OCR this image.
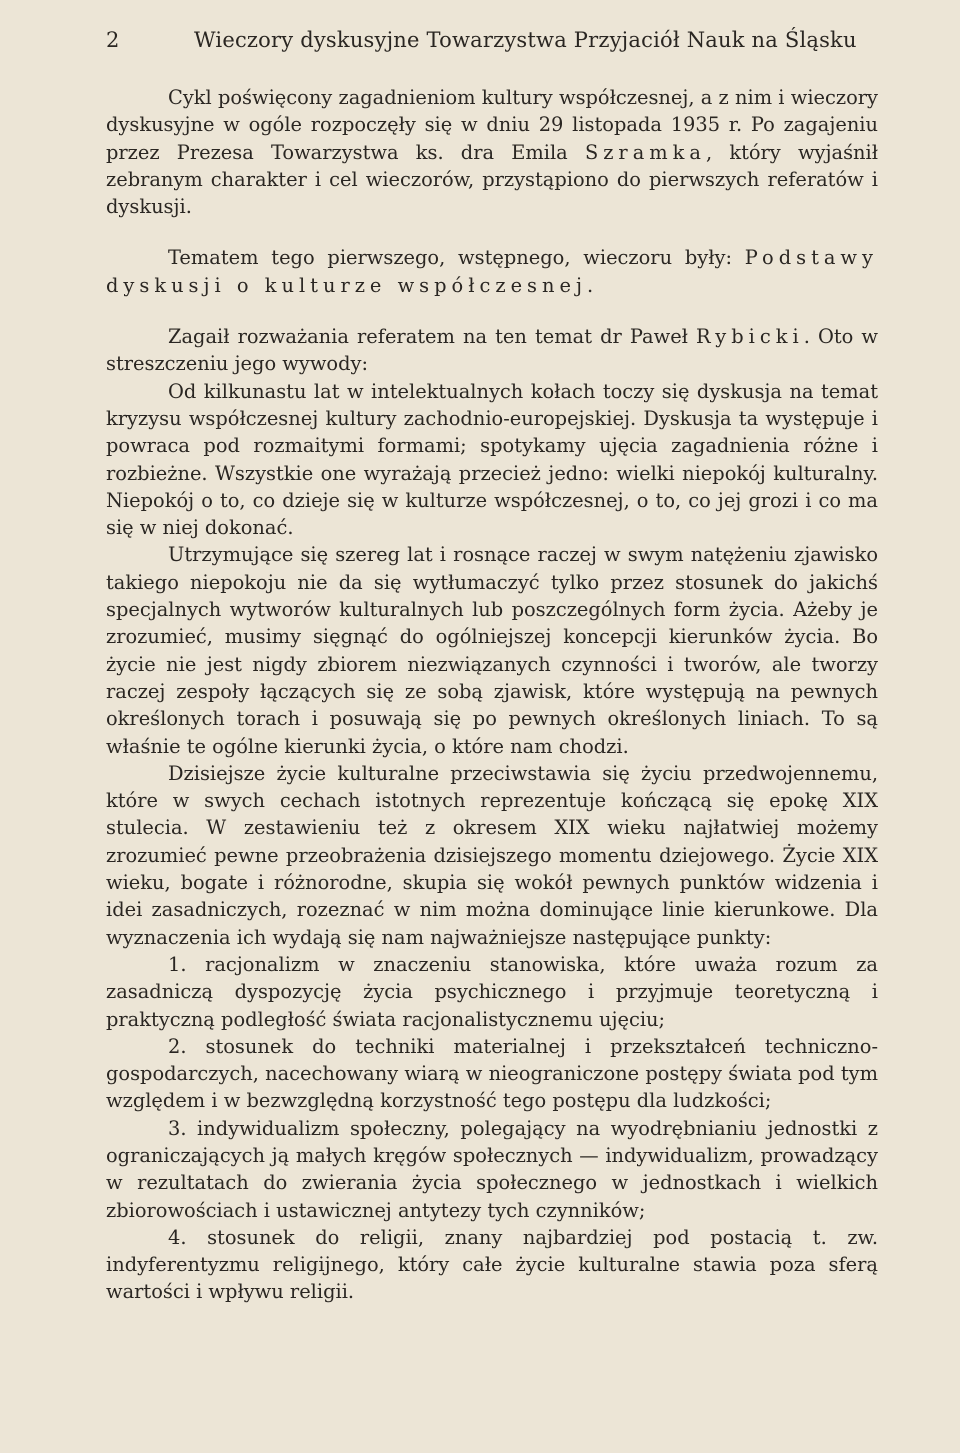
2	Wieczory dyskusyjne Towarzystwa Przyjaciół Nauk na Śląsku

Cykl poświęcony zagadnieniom kultury współczesnej, a z nim i wieczory dyskusyjne w ogóle rozpoczęły się w dniu 29 listopada 1935 r. Po zagajeniu przez Prezesa Towarzystwa ks. dra Emila Szramka, który wyjaśnił zebranym charakter i cel wieczorów, przystąpiono do pierwszych referatów i dyskusji.

Tematem tego pierwszego, wstępnego, wieczoru były: Podstawy dyskusji o kulturze współczesnej.

Zagaił rozważania referatem na ten temat dr Paweł Rybicki. Oto w streszczeniu jego wywody:

Od kilkunastu lat w intelektualnych kołach toczy się dyskusja na temat kryzysu współczesnej kultury zachodnio-europejskiej. Dyskusja ta występuje i powraca pod rozmaitymi formami; spotykamy ujęcia zagadnienia różne i rozbieżne. Wszystkie one wyrażają przecież jedno: wielki niepokój kulturalny. Niepokój o to, co dzieje się w kulturze współczesnej, o to, co jej grozi i co ma się w niej dokonać.

Utrzymujące się szereg lat i rosnące raczej w swym natężeniu zjawisko takiego niepokoju nie da się wytłumaczyć tylko przez stosunek do jakichś specjalnych wytworów kulturalnych lub poszczególnych form życia. Ażeby je zrozumieć, musimy sięgnąć do ogólniejszej koncepcji kierunków życia. Bo życie nie jest nigdy zbiorem niezwiązanych czynności i tworów, ale tworzy raczej zespoły łączących się ze sobą zjawisk, które występują na pewnych określonych torach i posuwają się po pewnych określonych liniach. To są właśnie te ogólne kierunki życia, o które nam chodzi.

Dzisiejsze życie kulturalne przeciwstawia się życiu przedwojennemu, które w swych cechach istotnych reprezentuje kończącą się epokę XIX stulecia. W zestawieniu też z okresem XIX wieku najłatwiej możemy zrozumieć pewne przeobrażenia dzisiejszego momentu dziejowego. Życie XIX wieku, bogate i różnorodne, skupia się wokół pewnych punktów widzenia i idei zasadniczych, rozeznać w nim można dominujące linie kierunkowe. Dla wyznaczenia ich wydają się nam najważniejsze następujące punkty:

1. racjonalizm w znaczeniu stanowiska, które uważa rozum za zasadniczą dyspozycję życia psychicznego i przyjmuje teoretyczną i praktyczną podległość świata racjonalistycznemu ujęciu;

2. stosunek do techniki materialnej i przekształceń techniczno-gospodarczych, nacechowany wiarą w nieograniczone postępy świata pod tym względem i w bezwzględną korzystność tego postępu dla ludzkości;

3. indywidualizm społeczny, polegający na wyodrębnianiu jednostki z ograniczających ją małych kręgów społecznych — indywidualizm, prowadzący w rezultatach do zwierania życia społecznego w jednostkach i wielkich zbiorowościach i ustawicznej antytezy tych czynników;

4. stosunek do religii, znany najbardziej pod postacią t. zw. indyferentyzmu religijnego, który całe życie kulturalne stawia poza sferą wartości i wpływu religii.
